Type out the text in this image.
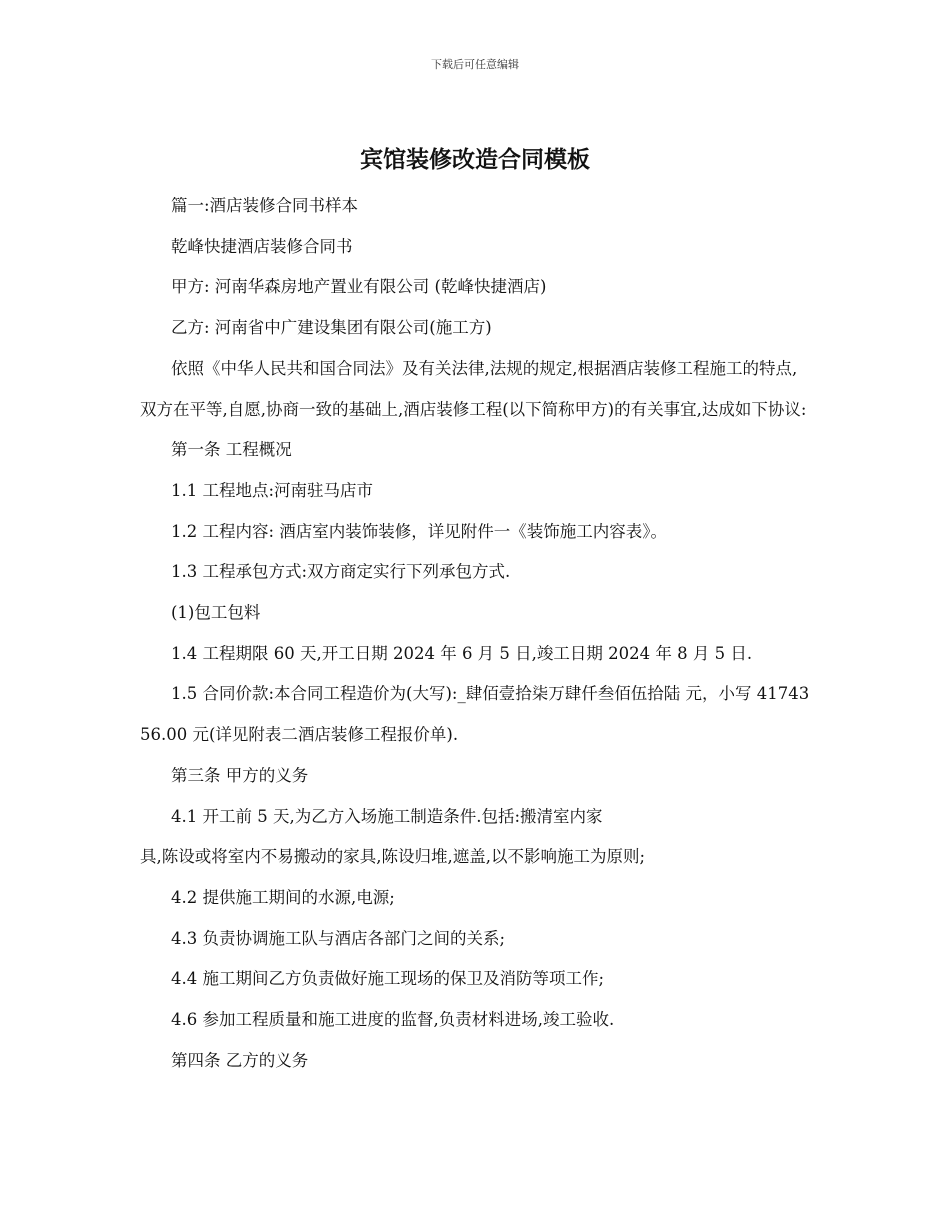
下载后可任意编辑
宾馆装修改造合同模板

篇一:酒店装修合同书样本

乾峰快捷酒店装修合同书

甲方: 河南华森房地产置业有限公司 (乾峰快捷酒店)

乙方: 河南省中广建设集团有限公司(施工方)

依照《中华人民共和国合同法》及有关法律,法规的规定,根据酒店装修工程施工的特点,双方在平等,自愿,协商一致的基础上,酒店装修工程(以下简称甲方)的有关事宜,达成如下协议:

第一条 工程概况

1.1 工程地点:河南驻马店市

1.2 工程内容: 酒店室内装饰装修，详见附件一《装饰施工内容表》。

1.3 工程承包方式:双方商定实行下列承包方式.

(1)包工包料

1.4 工程期限 60 天,开工日期 2024 年 6 月 5 日,竣工日期 2024 年 8 月 5 日.

1.5 合同价款:本合同工程造价为(大写):_肆佰壹拾柒万肆仟叁佰伍拾陆 元，小写 4174356.00 元(详见附表二酒店装修工程报价单).

第三条 甲方的义务

4.1 开工前 5 天,为乙方入场施工制造条件.包括:搬清室内家

具,陈设或将室内不易搬动的家具,陈设归堆,遮盖,以不影响施工为原则;

4.2 提供施工期间的水源,电源;

4.3 负责协调施工队与酒店各部门之间的关系;

4.4 施工期间乙方负责做好施工现场的保卫及消防等项工作;

4.6 参加工程质量和施工进度的监督,负责材料进场,竣工验收.

第四条 乙方的义务
